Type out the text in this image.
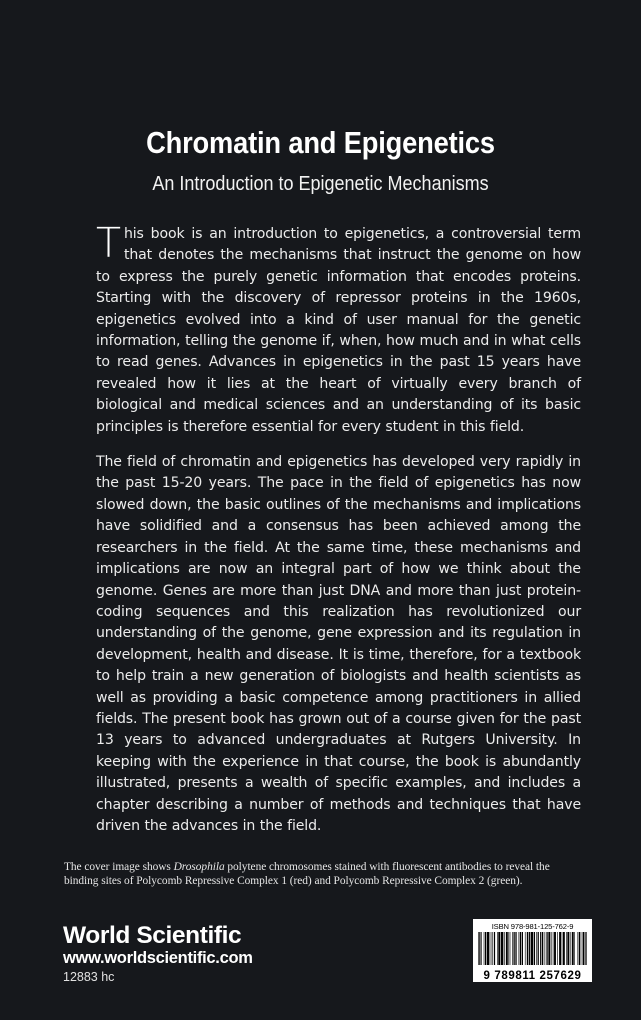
Chromatin and Epigenetics
An Introduction to Epigenetic Mechanisms

This book is an introduction to epigenetics, a controversial term that denotes the mechanisms that instruct the genome on how to express the purely genetic information that encodes proteins. Starting with the discovery of repressor proteins in the 1960s, epigenetics evolved into a kind of user manual for the genetic information, telling the genome if, when, how much and in what cells to read genes. Advances in epigenetics in the past 15 years have revealed how it lies at the heart of virtually every branch of biological and medical sciences and an understanding of its basic principles is therefore essential for every student in this field.

The field of chromatin and epigenetics has developed very rapidly in the past 15-20 years. The pace in the field of epigenetics has now slowed down, the basic outlines of the mechanisms and implications have solidified and a consensus has been achieved among the researchers in the field. At the same time, these mechanisms and implications are now an integral part of how we think about the genome. Genes are more than just DNA and more than just protein-coding sequences and this realization has revolutionized our understanding of the genome, gene expression and its regulation in development, health and disease. It is time, therefore, for a textbook to help train a new generation of biologists and health scientists as well as providing a basic competence among practitioners in allied fields. The present book has grown out of a course given for the past 13 years to advanced undergraduates at Rutgers University. In keeping with the experience in that course, the book is abundantly illustrated, presents a wealth of specific examples, and includes a chapter describing a number of methods and techniques that have driven the advances in the field.

The cover image shows Drosophila polytene chromosomes stained with fluorescent antibodies to reveal the binding sites of Polycomb Repressive Complex 1 (red) and Polycomb Repressive Complex 2 (green).
World Scientific
www.worldscientific.com
12883 hc
ISBN 978-981-125-762-9
9 789811 257629
